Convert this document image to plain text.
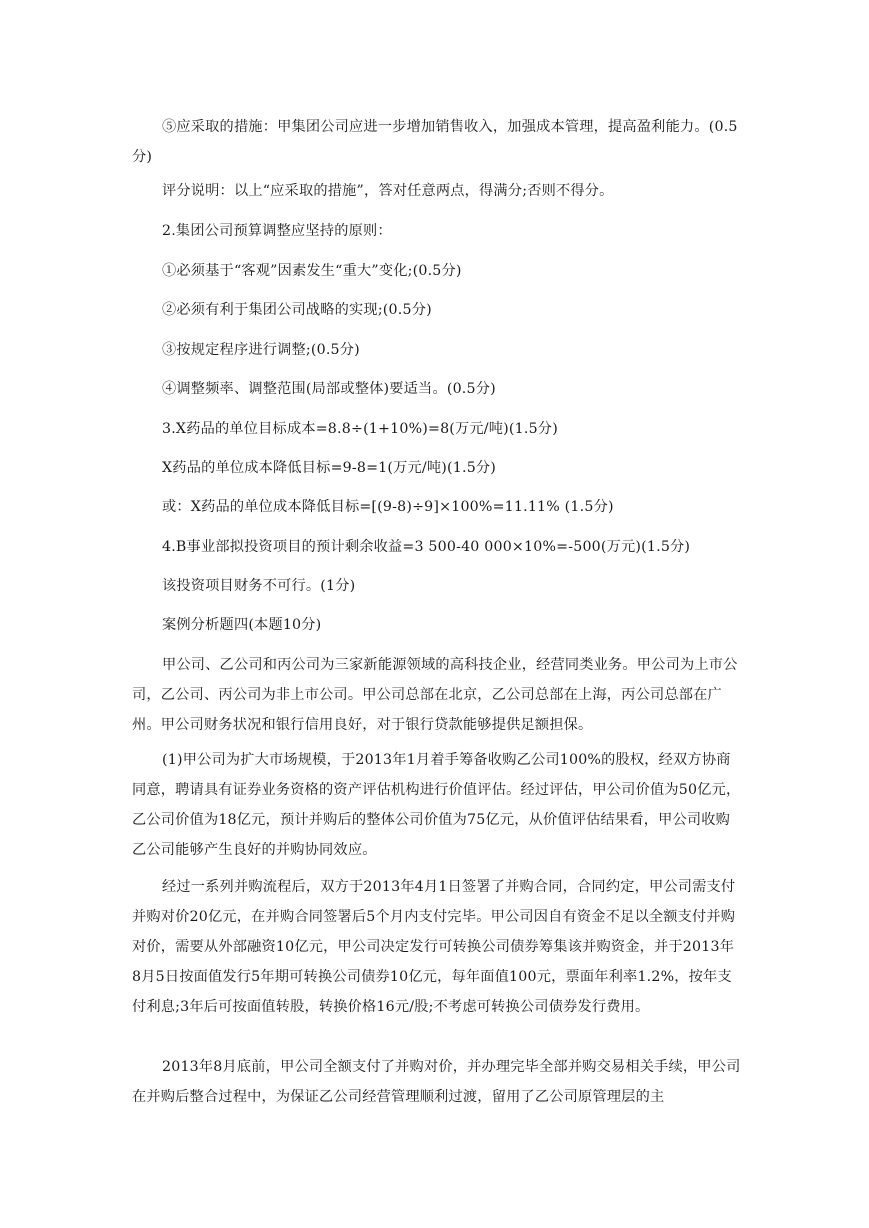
⑤应采取的措施：甲集团公司应进一步增加销售收入，加强成本管理，提高盈利能力。(0.5分)

评分说明：以上“应采取的措施”，答对任意两点，得满分;否则不得分。

2.集团公司预算调整应坚持的原则：

①必须基于“客观”因素发生“重大”变化;(0.5分)

②必须有利于集团公司战略的实现;(0.5分)

③按规定程序进行调整;(0.5分)

④调整频率、调整范围(局部或整体)要适当。(0.5分)

3.X药品的单位目标成本=8.8÷(1+10%)=8(万元/吨)(1.5分)

X药品的单位成本降低目标=9-8=1(万元/吨)(1.5分)

或：X药品的单位成本降低目标=[(9-8)÷9]×100%=11.11% (1.5分)

4.B事业部拟投资项目的预计剩余收益=3 500-40 000×10%=-500(万元)(1.5分)

该投资项目财务不可行。(1分)

案例分析题四(本题10分)

甲公司、乙公司和丙公司为三家新能源领域的高科技企业，经营同类业务。甲公司为上市公司，乙公司、丙公司为非上市公司。甲公司总部在北京，乙公司总部在上海，丙公司总部在广州。甲公司财务状况和银行信用良好，对于银行贷款能够提供足额担保。

(1)甲公司为扩大市场规模，于2013年1月着手筹备收购乙公司100%的股权，经双方协商同意，聘请具有证券业务资格的资产评估机构进行价值评估。经过评估，甲公司价值为50亿元，乙公司价值为18亿元，预计并购后的整体公司价值为75亿元，从价值评估结果看，甲公司收购乙公司能够产生良好的并购协同效应。

经过一系列并购流程后，双方于2013年4月1日签署了并购合同，合同约定，甲公司需支付并购对价20亿元，在并购合同签署后5个月内支付完毕。甲公司因自有资金不足以全额支付并购对价，需要从外部融资10亿元，甲公司决定发行可转换公司债券筹集该并购资金，并于2013年8月5日按面值发行5年期可转换公司债券10亿元，每年面值100元，票面年利率1.2%，按年支付利息;3年后可按面值转股，转换价格16元/股;不考虑可转换公司债券发行费用。

2013年8月底前，甲公司全额支付了并购对价，并办理完毕全部并购交易相关手续，甲公司在并购后整合过程中，为保证乙公司经营管理顺利过渡，留用了乙公司原管理层的主
